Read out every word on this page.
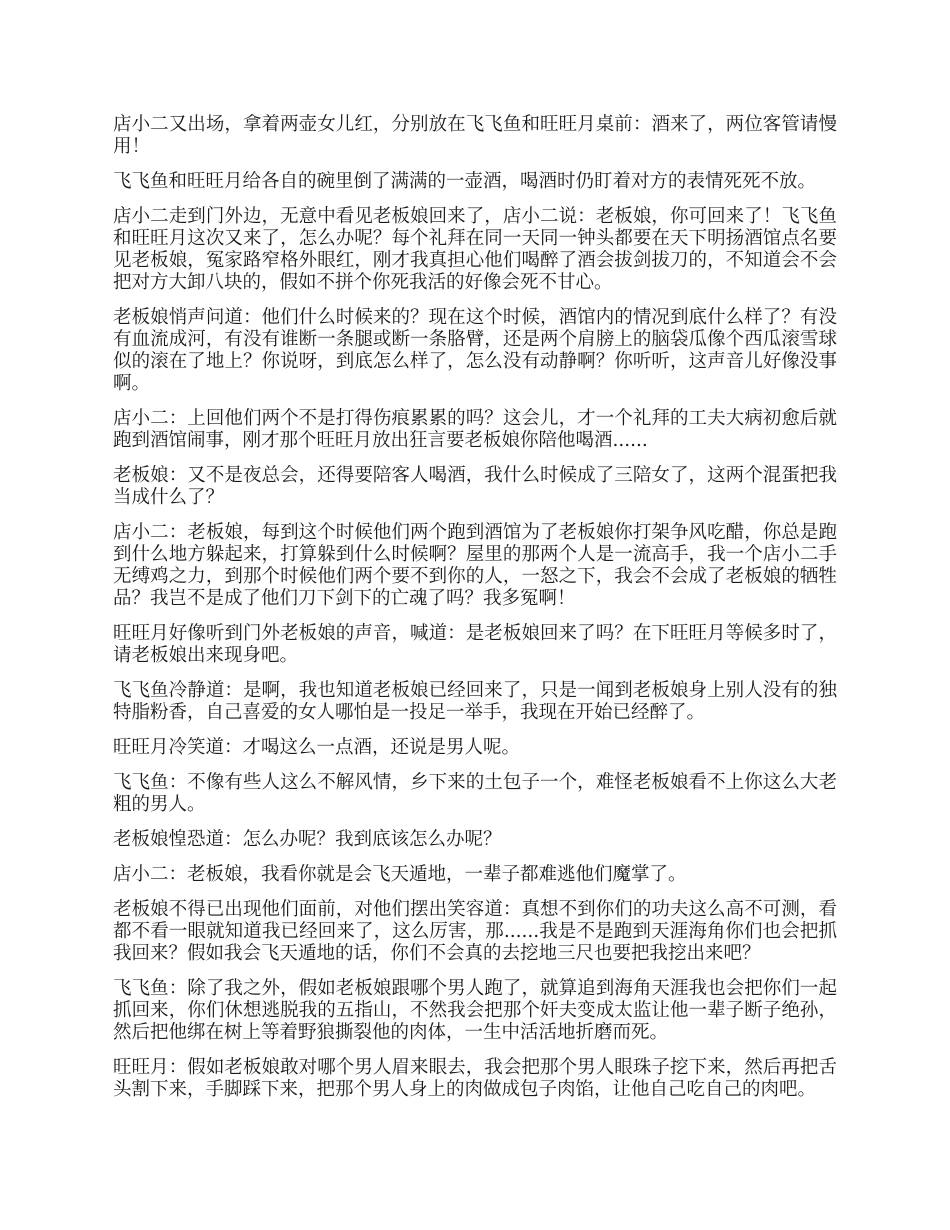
店小二又出场，拿着两壶女儿红，分别放在飞飞鱼和旺旺月桌前：酒来了，两位客管请慢用！

飞飞鱼和旺旺月给各自的碗里倒了满满的一壶酒，喝酒时仍盯着对方的表情死死不放。

店小二走到门外边，无意中看见老板娘回来了，店小二说：老板娘，你可回来了！飞飞鱼和旺旺月这次又来了，怎么办呢？每个礼拜在同一天同一钟头都要在天下明扬酒馆点名要见老板娘，冤家路窄格外眼红，刚才我真担心他们喝醉了酒会拔剑拔刀的，不知道会不会把对方大卸八块的，假如不拼个你死我活的好像会死不甘心。

老板娘悄声问道：他们什么时候来的？现在这个时候，酒馆内的情况到底什么样了？有没有血流成河，有没有谁断一条腿或断一条胳臂，还是两个肩膀上的脑袋瓜像个西瓜滚雪球似的滚在了地上？你说呀，到底怎么样了，怎么没有动静啊？你听听，这声音儿好像没事啊。

店小二：上回他们两个不是打得伤痕累累的吗？这会儿，才一个礼拜的工夫大病初愈后就跑到酒馆闹事，刚才那个旺旺月放出狂言要老板娘你陪他喝酒......

老板娘：又不是夜总会，还得要陪客人喝酒，我什么时候成了三陪女了，这两个混蛋把我当成什么了？

店小二：老板娘，每到这个时候他们两个跑到酒馆为了老板娘你打架争风吃醋，你总是跑到什么地方躲起来，打算躲到什么时候啊？屋里的那两个人是一流高手，我一个店小二手无缚鸡之力，到那个时候他们两个要不到你的人，一怒之下，我会不会成了老板娘的牺牲品？我岂不是成了他们刀下剑下的亡魂了吗？我多冤啊！

旺旺月好像听到门外老板娘的声音，喊道：是老板娘回来了吗？在下旺旺月等候多时了，请老板娘出来现身吧。

飞飞鱼冷静道：是啊，我也知道老板娘已经回来了，只是一闻到老板娘身上别人没有的独特脂粉香，自己喜爱的女人哪怕是一投足一举手，我现在开始已经醉了。

旺旺月冷笑道：才喝这么一点酒，还说是男人呢。

飞飞鱼：不像有些人这么不解风情，乡下来的土包子一个，难怪老板娘看不上你这么大老粗的男人。

老板娘惶恐道：怎么办呢？我到底该怎么办呢？

店小二：老板娘，我看你就是会飞天遁地，一辈子都难逃他们魔掌了。

老板娘不得已出现他们面前，对他们摆出笑容道：真想不到你们的功夫这么高不可测，看都不看一眼就知道我已经回来了，这么厉害，那......我是不是跑到天涯海角你们也会把抓我回来？假如我会飞天遁地的话，你们不会真的去挖地三尺也要把我挖出来吧？

飞飞鱼：除了我之外，假如老板娘跟哪个男人跑了，就算追到海角天涯我也会把你们一起抓回来，你们休想逃脱我的五指山，不然我会把那个奸夫变成太监让他一辈子断子绝孙，然后把他绑在树上等着野狼撕裂他的肉体，一生中活活地折磨而死。

旺旺月：假如老板娘敢对哪个男人眉来眼去，我会把那个男人眼珠子挖下来，然后再把舌头割下来，手脚踩下来，把那个男人身上的肉做成包子肉馅，让他自己吃自己的肉吧。
